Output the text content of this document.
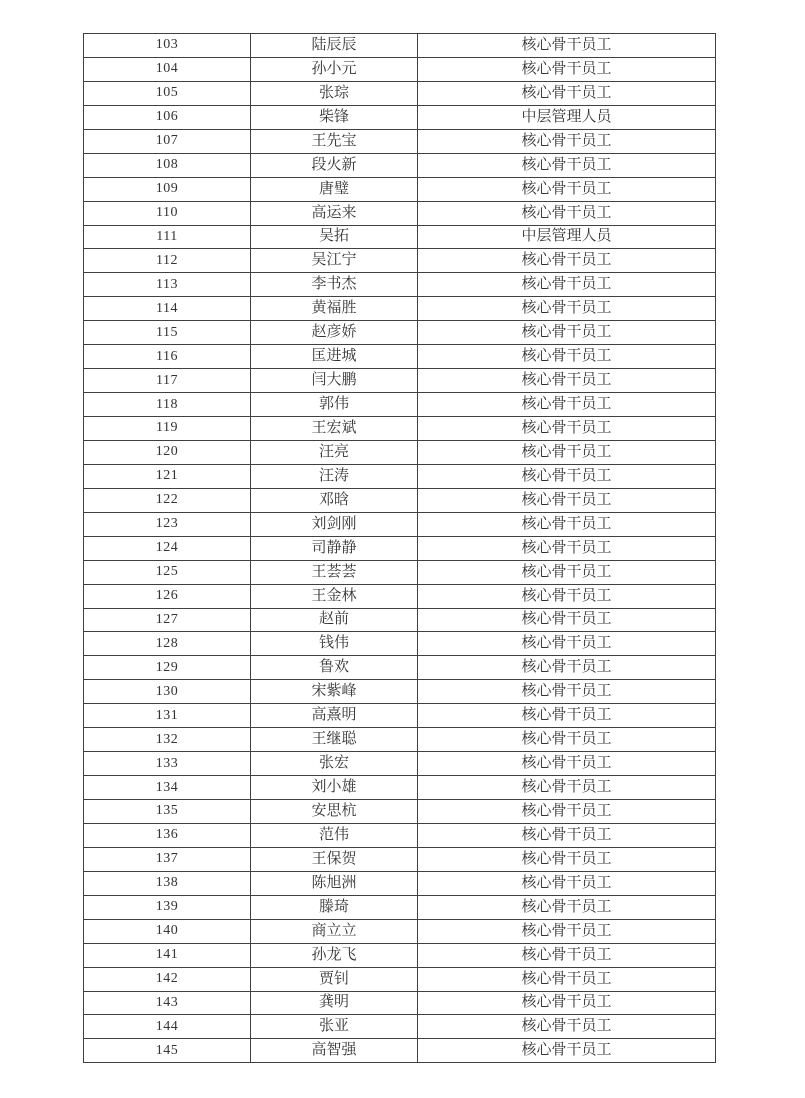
103	陆辰辰	核心骨干员工
104	孙小元	核心骨干员工
105	张琮	核心骨干员工
106	柴锋	中层管理人员
107	王先宝	核心骨干员工
108	段火新	核心骨干员工
109	唐璧	核心骨干员工
110	高运来	核心骨干员工
111	吴拓	中层管理人员
112	吴江宁	核心骨干员工
113	李书杰	核心骨干员工
114	黄福胜	核心骨干员工
115	赵彦娇	核心骨干员工
116	匡进城	核心骨干员工
117	闫大鹏	核心骨干员工
118	郭伟	核心骨干员工
119	王宏斌	核心骨干员工
120	汪亮	核心骨干员工
121	汪涛	核心骨干员工
122	邓晗	核心骨干员工
123	刘剑刚	核心骨干员工
124	司静静	核心骨干员工
125	王荟荟	核心骨干员工
126	王金林	核心骨干员工
127	赵前	核心骨干员工
128	钱伟	核心骨干员工
129	鲁欢	核心骨干员工
130	宋紫峰	核心骨干员工
131	高熹明	核心骨干员工
132	王继聪	核心骨干员工
133	张宏	核心骨干员工
134	刘小雄	核心骨干员工
135	安思杭	核心骨干员工
136	范伟	核心骨干员工
137	王保贺	核心骨干员工
138	陈旭洲	核心骨干员工
139	滕琦	核心骨干员工
140	商立立	核心骨干员工
141	孙龙飞	核心骨干员工
142	贾钊	核心骨干员工
143	龚明	核心骨干员工
144	张亚	核心骨干员工
145	高智强	核心骨干员工
